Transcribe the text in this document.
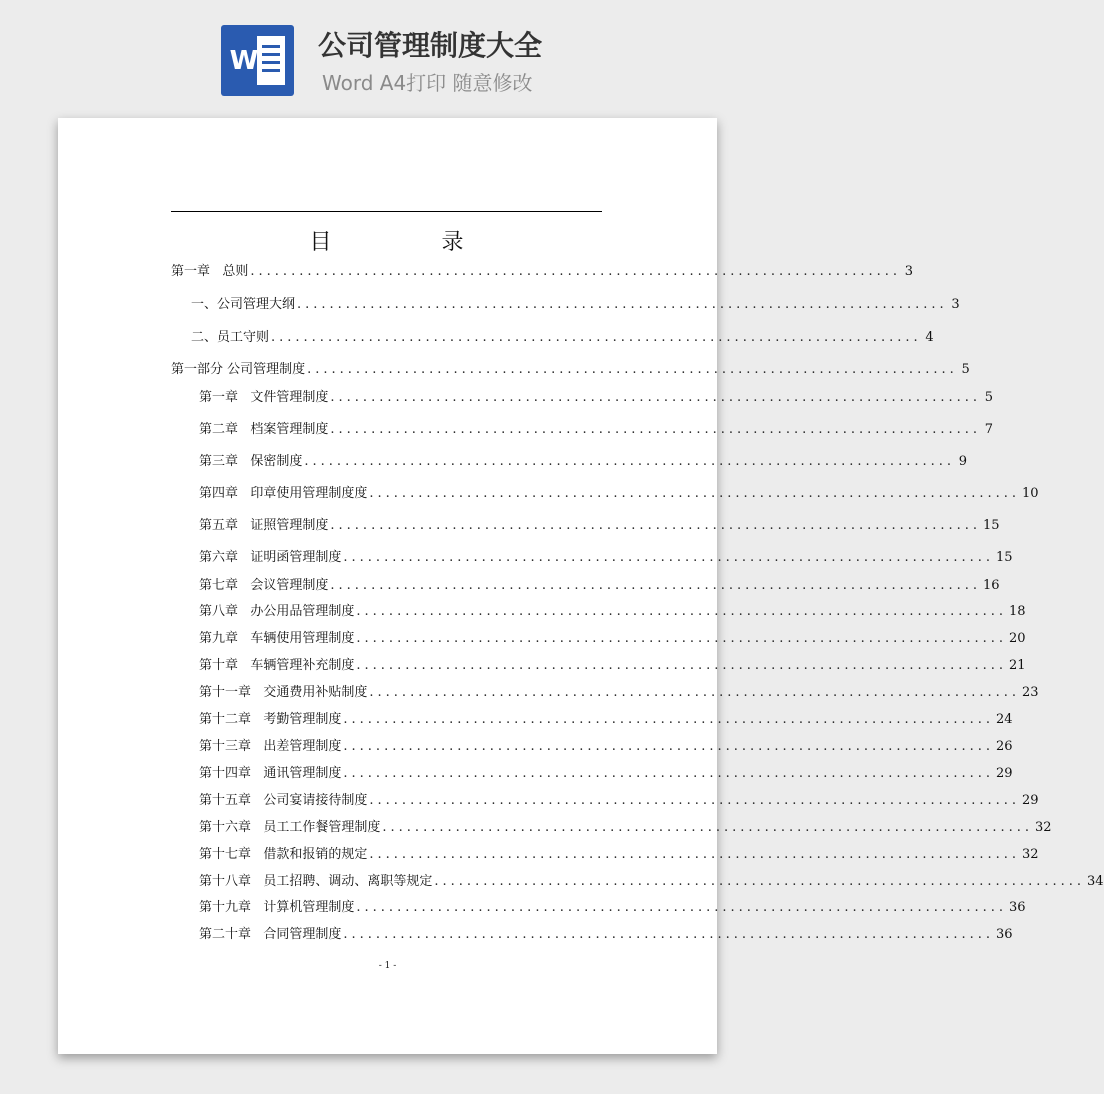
W 公司管理制度大全
Word A4打印 随意修改
目	录
第一章   总则 ................................................................................ 3
一、公司管理大纲 ................................................................................ 3
二、员工守则 ................................................................................ 4
第一部分 公司管理制度 ................................................................................ 5
第一章   文件管理制度 ................................................................................ 5
第二章   档案管理制度 ................................................................................ 7
第三章   保密制度 ................................................................................ 9
第四章   印章使用管理制度度 ................................................................................ 10
第五章   证照管理制度 ................................................................................ 15
第六章   证明函管理制度 ................................................................................ 15
第七章   会议管理制度 ................................................................................ 16
第八章   办公用品管理制度 ................................................................................ 18
第九章   车辆使用管理制度 ................................................................................ 20
第十章   车辆管理补充制度 ................................................................................ 21
第十一章   交通费用补贴制度 ................................................................................ 23
第十二章   考勤管理制度 ................................................................................ 24
第十三章   出差管理制度 ................................................................................ 26
第十四章   通讯管理制度 ................................................................................ 29
第十五章   公司宴请接待制度 ................................................................................ 29
第十六章   员工工作餐管理制度 ................................................................................ 32
第十七章   借款和报销的规定 ................................................................................ 32
第十八章   员工招聘、调动、离职等规定 ................................................................................ 34
第十九章   计算机管理制度 ................................................................................ 36
第二十章   合同管理制度 ................................................................................ 36
- 1 -
